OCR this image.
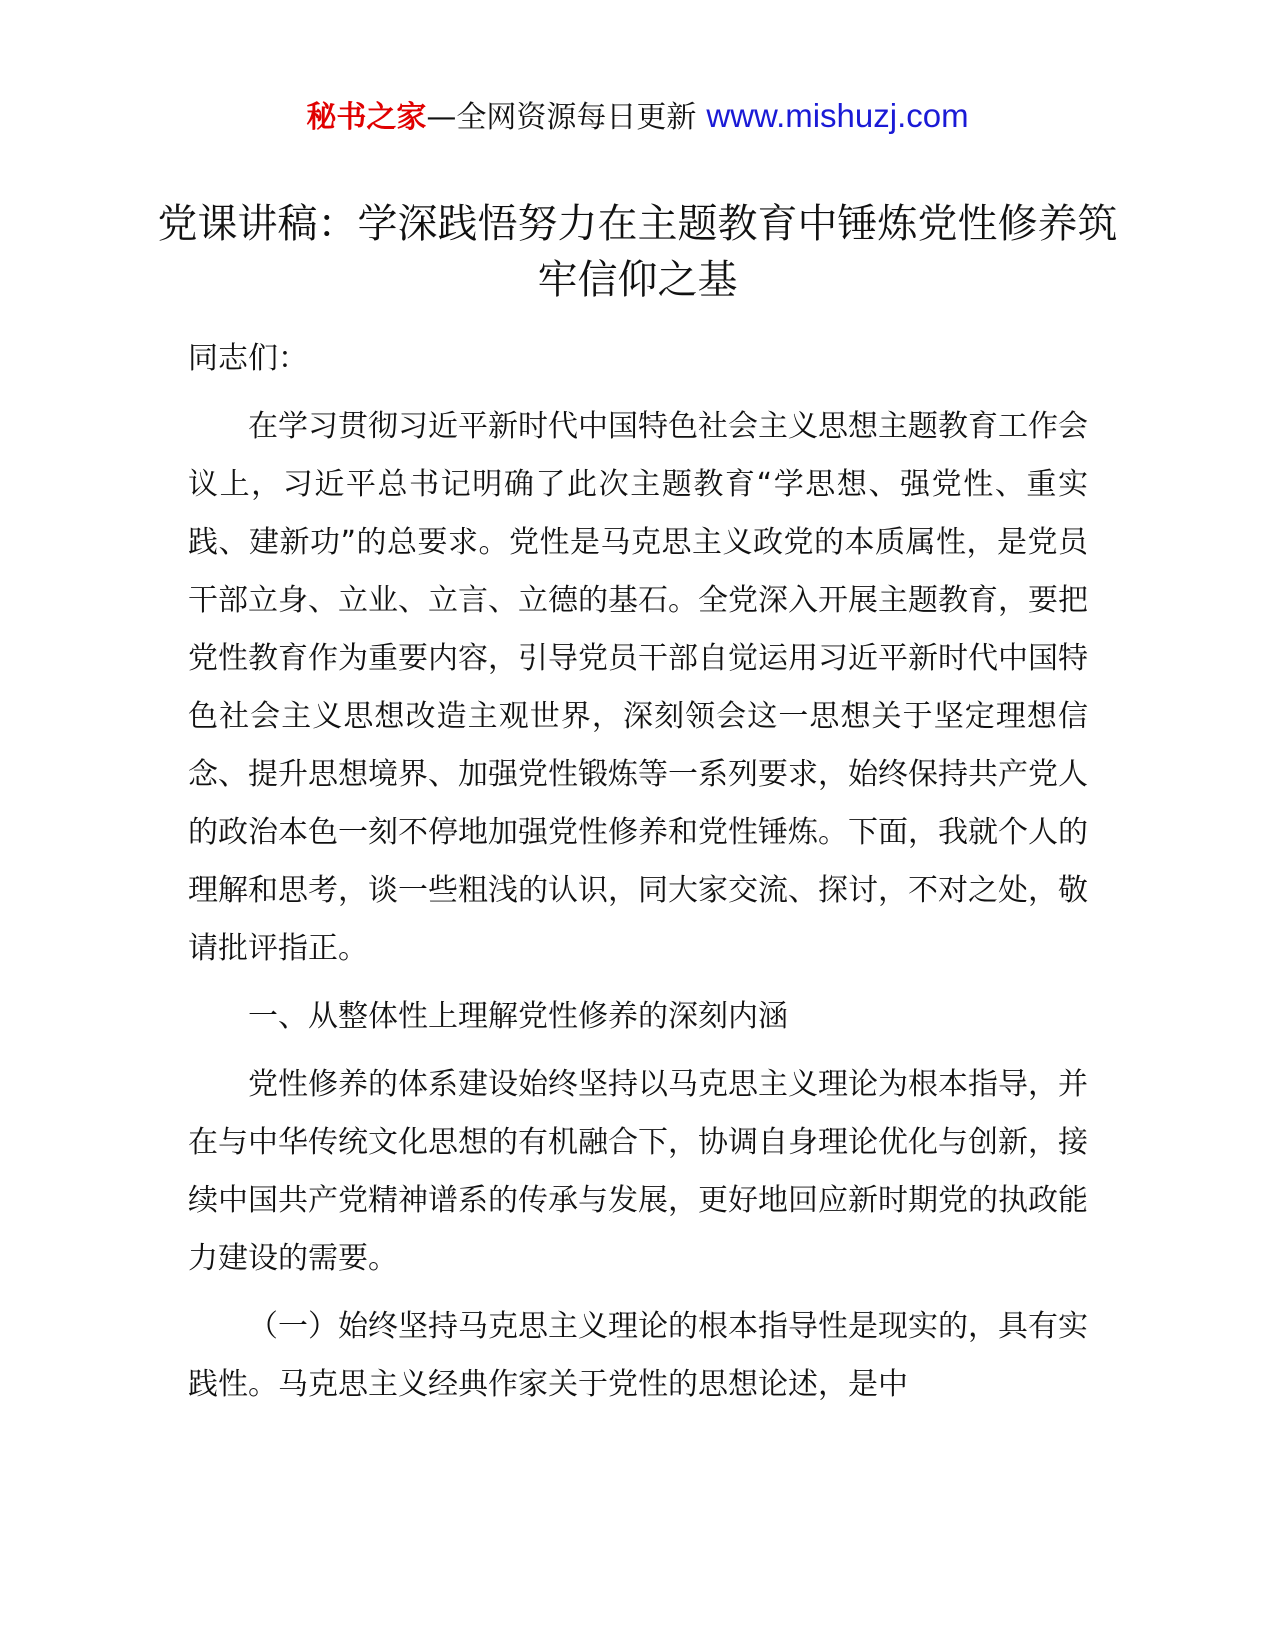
秘书之家—全网资源每日更新 www.mishuzj.com
党课讲稿：学深践悟努力在主题教育中锤炼党性修养筑牢信仰之基

同志们：

在学习贯彻习近平新时代中国特色社会主义思想主题教育工作会议上，习近平总书记明确了此次主题教育“学思想、强党性、重实践、建新功”的总要求。党性是马克思主义政党的本质属性，是党员干部立身、立业、立言、立德的基石。全党深入开展主题教育，要把党性教育作为重要内容，引导党员干部自觉运用习近平新时代中国特色社会主义思想改造主观世界，深刻领会这一思想关于坚定理想信念、提升思想境界、加强党性锻炼等一系列要求，始终保持共产党人的政治本色一刻不停地加强党性修养和党性锤炼。下面，我就个人的理解和思考，谈一些粗浅的认识，同大家交流、探讨，不对之处，敬请批评指正。

一、从整体性上理解党性修养的深刻内涵

党性修养的体系建设始终坚持以马克思主义理论为根本指导，并在与中华传统文化思想的有机融合下，协调自身理论优化与创新，接续中国共产党精神谱系的传承与发展，更好地回应新时期党的执政能力建设的需要。

（一）始终坚持马克思主义理论的根本指导性是现实的，具有实践性。马克思主义经典作家关于党性的思想论述，是中
